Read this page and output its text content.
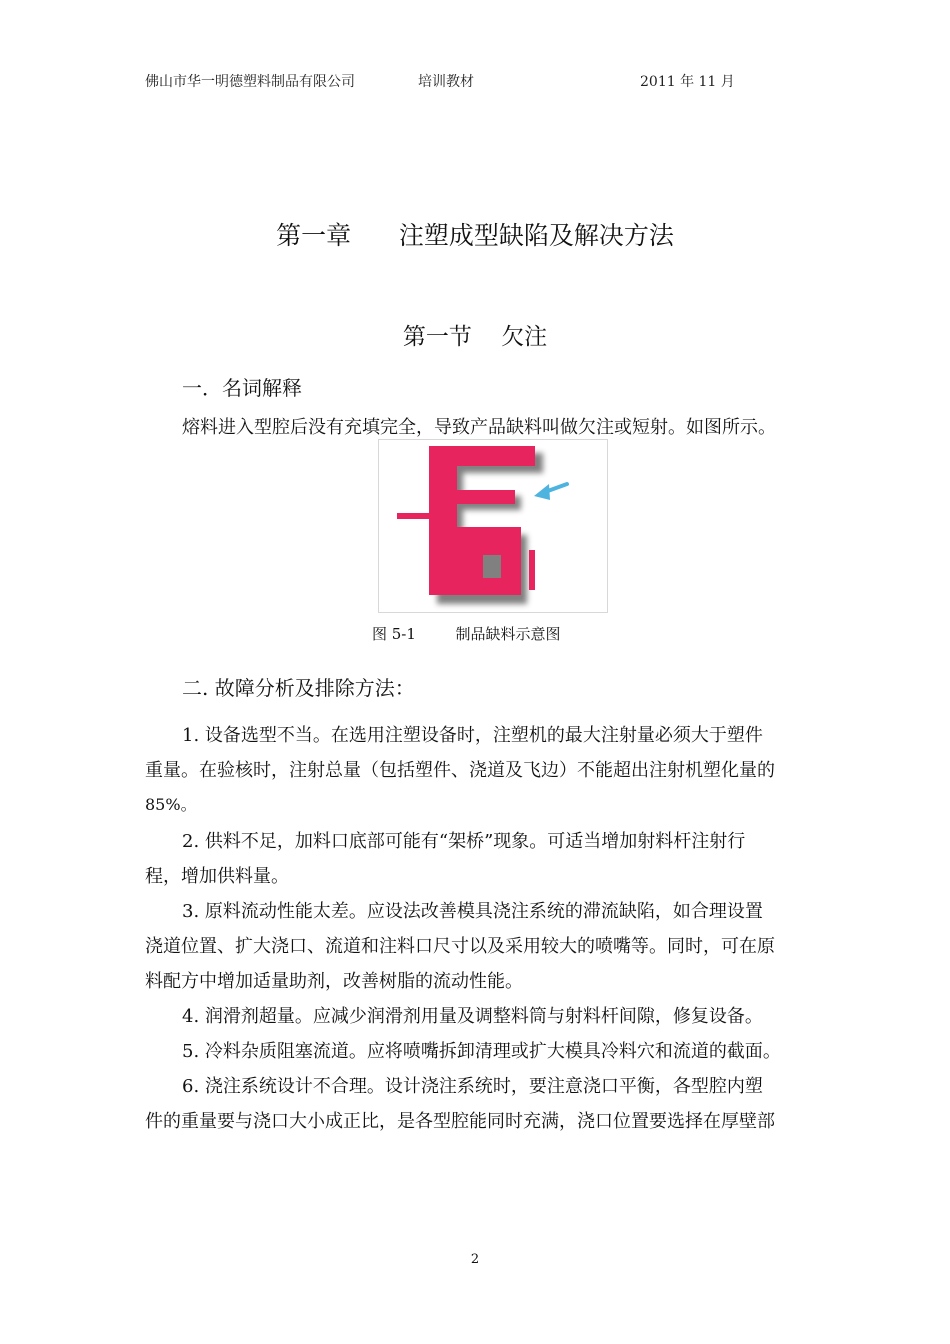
佛山市华一明德塑料制品有限公司	培训教材	2011 年 11 月
第一章      注塑成型缺陷及解决方法
第一节    欠注
一．名词解释
熔料进入型腔后没有充填完全，导致产品缺料叫做欠注或短射。如图所示。
图 5-1	制品缺料示意图
二. 故障分析及排除方法：
1. 设备选型不当。在选用注塑设备时，注塑机的最大注射量必须大于塑件
重量。在验核时，注射总量（包括塑件、浇道及飞边）不能超出注射机塑化量的
85%。
2. 供料不足，加料口底部可能有“架桥”现象。可适当增加射料杆注射行
程，增加供料量。
3. 原料流动性能太差。应设法改善模具浇注系统的滞流缺陷，如合理设置
浇道位置、扩大浇口、流道和注料口尺寸以及采用较大的喷嘴等。同时，可在原
料配方中增加适量助剂，改善树脂的流动性能。
4. 润滑剂超量。应减少润滑剂用量及调整料筒与射料杆间隙，修复设备。
5. 冷料杂质阻塞流道。应将喷嘴拆卸清理或扩大模具冷料穴和流道的截面。
6. 浇注系统设计不合理。设计浇注系统时，要注意浇口平衡，各型腔内塑
件的重量要与浇口大小成正比，是各型腔能同时充满，浇口位置要选择在厚壁部
2
